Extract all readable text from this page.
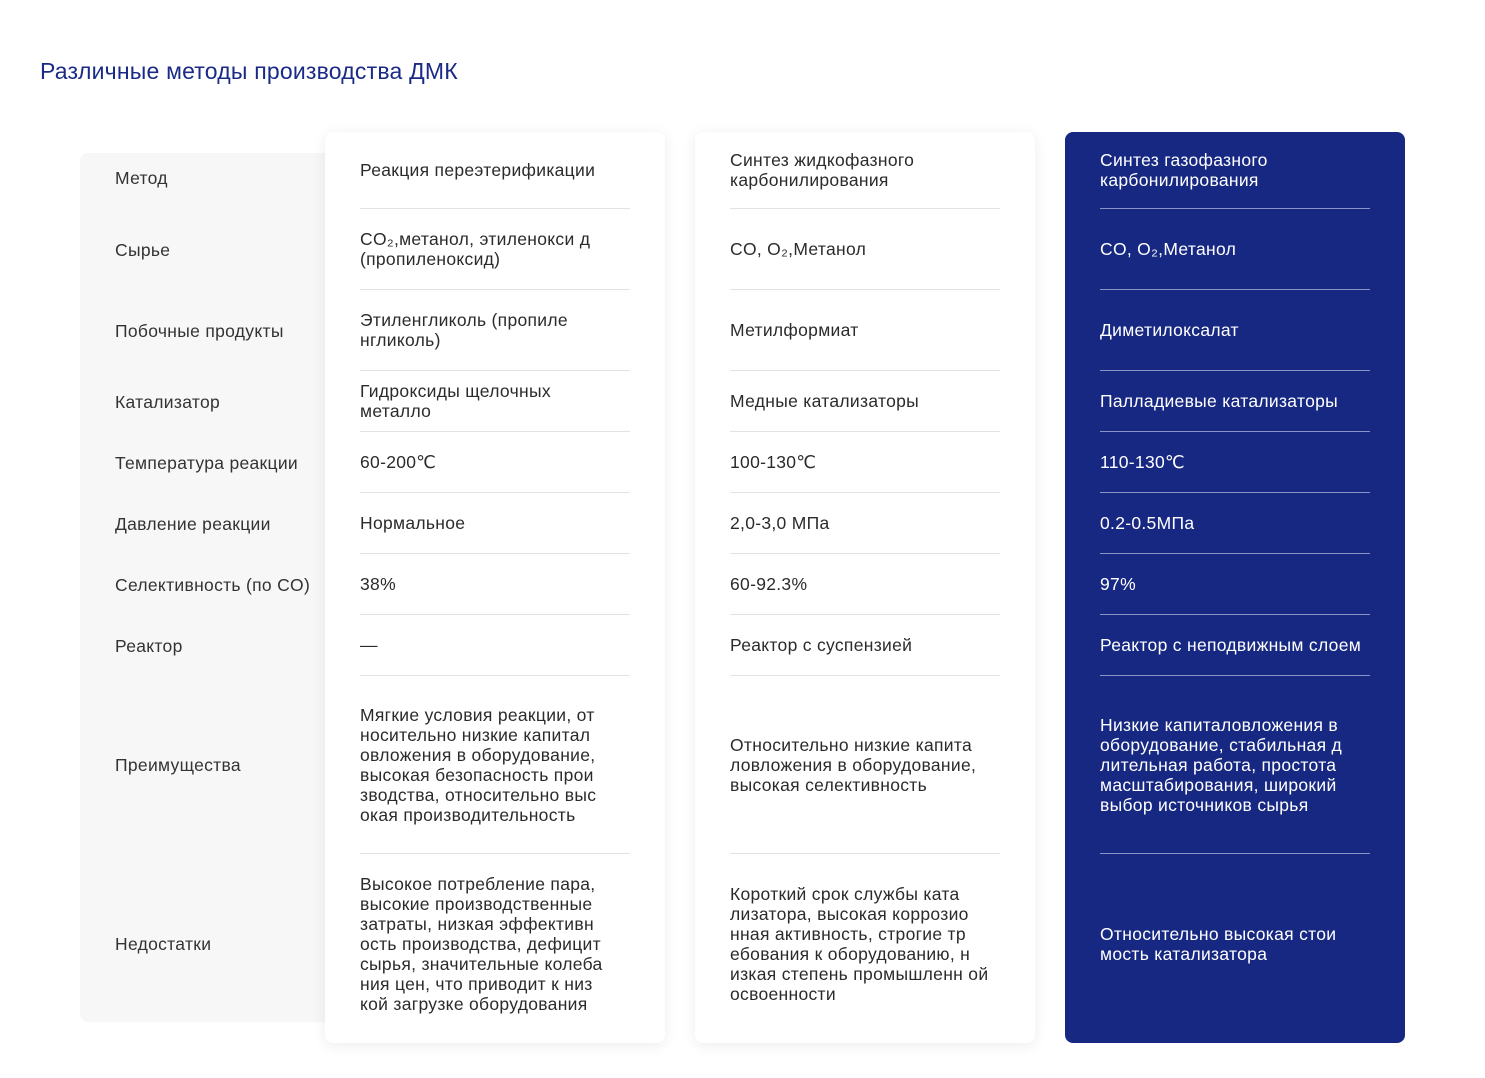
Различные методы производства ДМК
Метод
Сырье
Побочные продукты
Катализатор
Температура реакции
Давление реакции
Селективность (по CO)
Реактор
Преимущества
Недостатки
Реакция переэтерификации
CO₂,метанол, этиленокси д (пропиленоксид)
Этиленгликоль (пропиле нгликоль)
Гидроксиды щелочных металло
60-200℃
Нормальное
38%
—
Мягкие условия реакции, от носительно низкие капитал овложения в оборудование, высокая безопасность прои зводства, относительно выс окая производительность
Высокое потребление пара, высокие производственные затраты, низкая эффективн ость производства, дефицит сырья, значительные колеба ния цен, что приводит к низ кой загрузке оборудования
Синтез жидкофазного карбонилирования
CO, O₂,Метанол
Метилформиат
Медные катализаторы
100-130℃
2,0-3,0 МПа
60-92.3%
Реактор с суспензией
Относительно низкие капита ловложения в оборудование, высокая селективность
Короткий срок службы ката лизатора, высокая коррозио нная активность, строгие тр ебования к оборудованию, н изкая степень промышленн ой освоенности
Синтез газофазного карбонилирования
CO, O₂,Метанол
Диметилоксалат
Палладиевые катализаторы
110-130℃
0.2-0.5МПа
97%
Реактор с неподвижным слоем
Низкие капиталовложения в оборудование, стабильная д лительная работа, простота масштабирования, широкий выбор источников сырья
Относительно высокая стои мость катализатора
